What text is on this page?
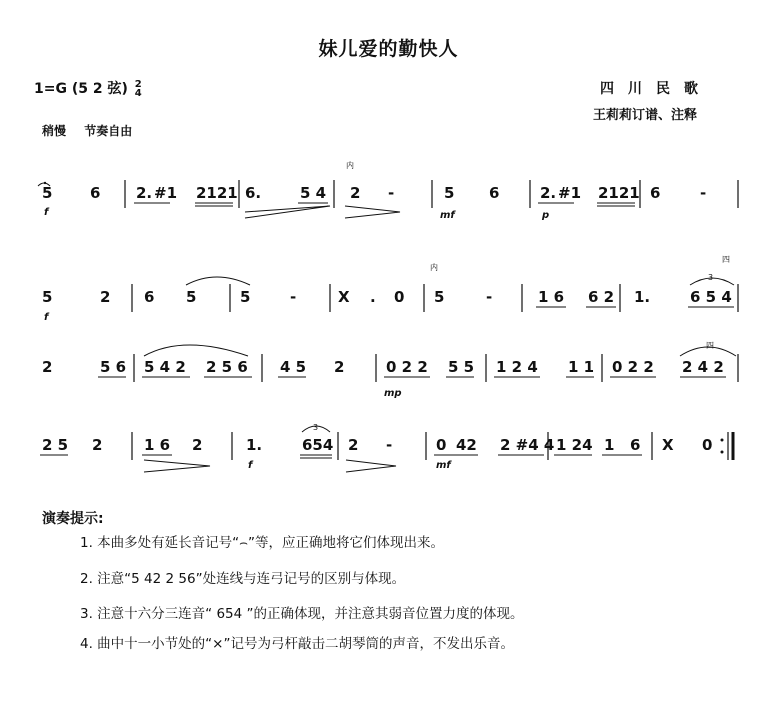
妹儿爱的勤快人
1=G (5 2 弦) 2
4	四川民歌
王莉莉订谱、注释
稍慢 节奏自由
5	6 2. #1 2121 6.	5 4 2
内
-	5 6	2. #1 2121 6	-
f	mf	p
5	2 6 5	5	-	X . 0 5
内
-	1 6 6 2 1.	6 5 4
3
四
f
2	5 6 5 4 2 2 5 6 4 5 2	0 2 2 5 5 1 2 4 1 1 0 2 2 2 4 2
四
mp
2 5 2	1 6 2	1.	654
3
2 -	0 42 2 #4 4 1 24 1 6 X 0
f	mf
演奏提示:
1. 本曲多处有延长音记号“⌢”等，应正确地将它们体现出来。
2. 注意“5 42 2 56”处连线与连弓记号的区别与体现。
3. 注意十六分三连音“ 654 ”的正确体现，并注意其弱音位置力度的体现。
4. 曲中十一小节处的“×”记号为弓杆敲击二胡琴筒的声音，不发出乐音。
